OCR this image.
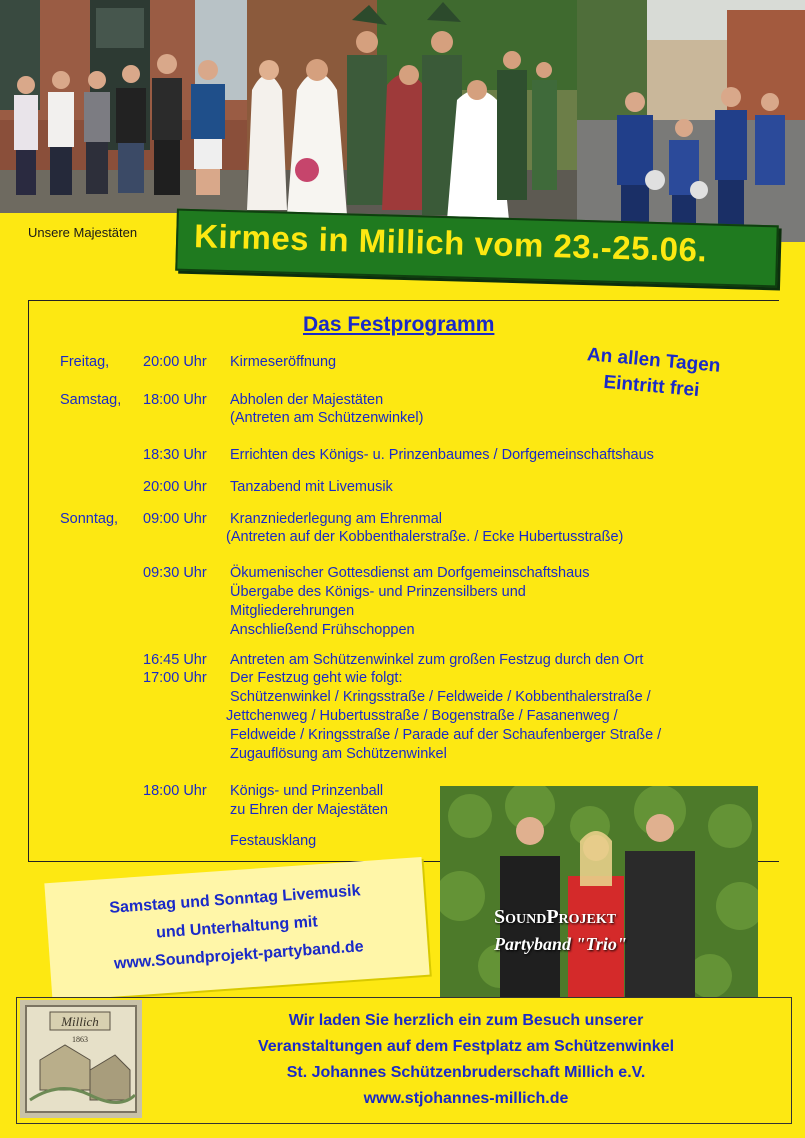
Unsere Majestäten Kirmes in Millich vom 23.-25.06.
Das Festprogramm
An allen Tagen
Eintritt frei
Freitag, 20:00 Uhr Kirmeseröffnung
Samstag, 18:00 Uhr Abholen der Majestäten
(Antreten am Schützenwinkel)
18:30 Uhr Errichten des Königs- u. Prinzenbaumes / Dorfgemeinschaftshaus
20:00 Uhr Tanzabend mit Livemusik
Sonntag, 09:00 Uhr Kranzniederlegung am Ehrenmal
(Antreten auf der Kobbenthalerstraße. / Ecke Hubertusstraße)
09:30 Uhr Ökumenischer Gottesdienst am Dorfgemeinschaftshaus
Übergabe des Königs- und Prinzensilbers und
Mitgliederehrungen
Anschließend Frühschoppen
16:45 Uhr Antreten am Schützenwinkel zum großen Festzug durch den Ort
17:00 Uhr Der Festzug geht wie folgt:
Schützenwinkel / Kringsstraße / Feldweide / Kobbenthalerstraße /
Jettchenweg / Hubertusstraße / Bogenstraße / Fasanenweg /
Feldweide / Kringsstraße / Parade auf der Schaufenberger Straße /
Zugauflösung am Schützenwinkel
18:00 Uhr Königs- und Prinzenball
zu Ehren der Majestäten
Festausklang
Samstag und Sonntag Livemusik
und Unterhaltung mit
www.Soundprojekt-partyband.de
SoundProjekt
Partyband "Trio"
Millich
1863
Wir laden Sie herzlich ein zum Besuch unserer
Veranstaltungen auf dem Festplatz am Schützenwinkel
St. Johannes Schützenbruderschaft Millich e.V.
www.stjohannes-millich.de
